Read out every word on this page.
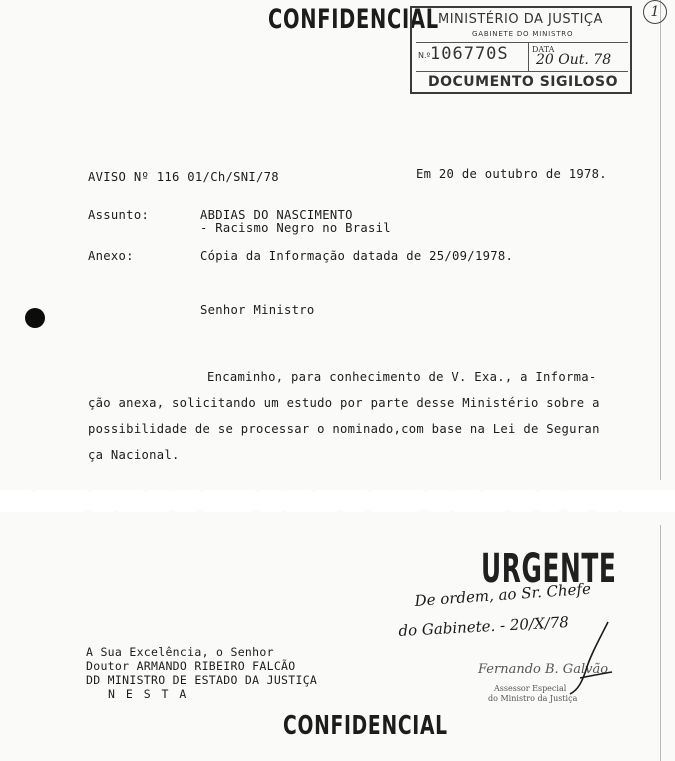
CONFIDENCIAL	1
MINISTÉRIO DA JUSTIÇA
GABINETE DO MINISTRO
N.º 106770S	DATA
20 Out. 78
DOCUMENTO SIGILOSO
AVISO Nº 116 01/Ch/SNI/78	Em 20 de outubro de 1978.
Assunto:	ABDIAS DO NASCIMENTO
- Racismo Negro no Brasil
Anexo:	Cópia da Informação datada de 25/09/1978.
Senhor Ministro
Encaminho, para conhecimento de V. Exa., a Informa-
ção anexa, solicitando um estudo por parte desse Ministério sobre a
possibilidade de se processar o nominado,com base na Lei de Seguran
ça Nacional.
URGENTE
De ordem, ao Sr. Chefe
do Gabinete. - 20/X/78
A Sua Excelência, o Senhor
Doutor ARMANDO RIBEIRO FALCÃO
DD MINISTRO DE ESTADO DA JUSTIÇA
N E S T A
Fernando B. Galvão
Assessor Especial
do Ministro da Justiça
CONFIDENCIAL
